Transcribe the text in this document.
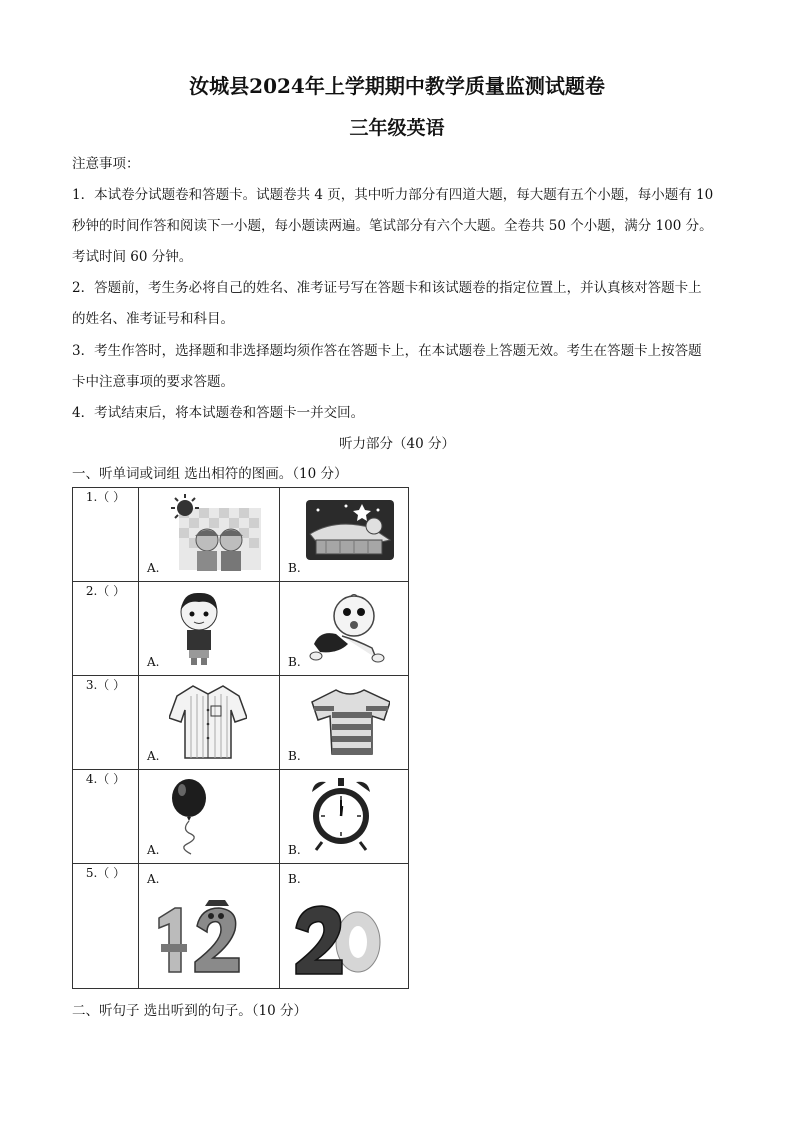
汝城县2024年上学期期中教学质量监测试题卷
三年级英语
注意事项：
1．本试卷分试题卷和答题卡。试题卷共 4 页，其中听力部分有四道大题，每大题有五个小题，每小题有 10
秒钟的时间作答和阅读下一小题，每小题读两遍。笔试部分有六个大题。全卷共 50 个小题，满分 100 分。
考试时间 60 分钟。
2．答题前，考生务必将自己的姓名、准考证号写在答题卡和该试题卷的指定位置上，并认真核对答题卡上
的姓名、准考证号和科目。
3．考生作答时，选择题和非选择题均须作答在答题卡上，在本试题卷上答题无效。考生在答题卡上按答题
卡中注意事项的要求答题。
4．考试结束后，将本试题卷和答题卡一并交回。
听力部分（40 分）
一、听单词或词组 选出相符的图画。（10 分）
1.（ ）	A.	B.

2.（ ）	A.	B.

3.（ ）	A.	B.

4.（ ）	A.	B.

5.（ ）	A.	B.
二、听句子 选出听到的句子。（10 分）
